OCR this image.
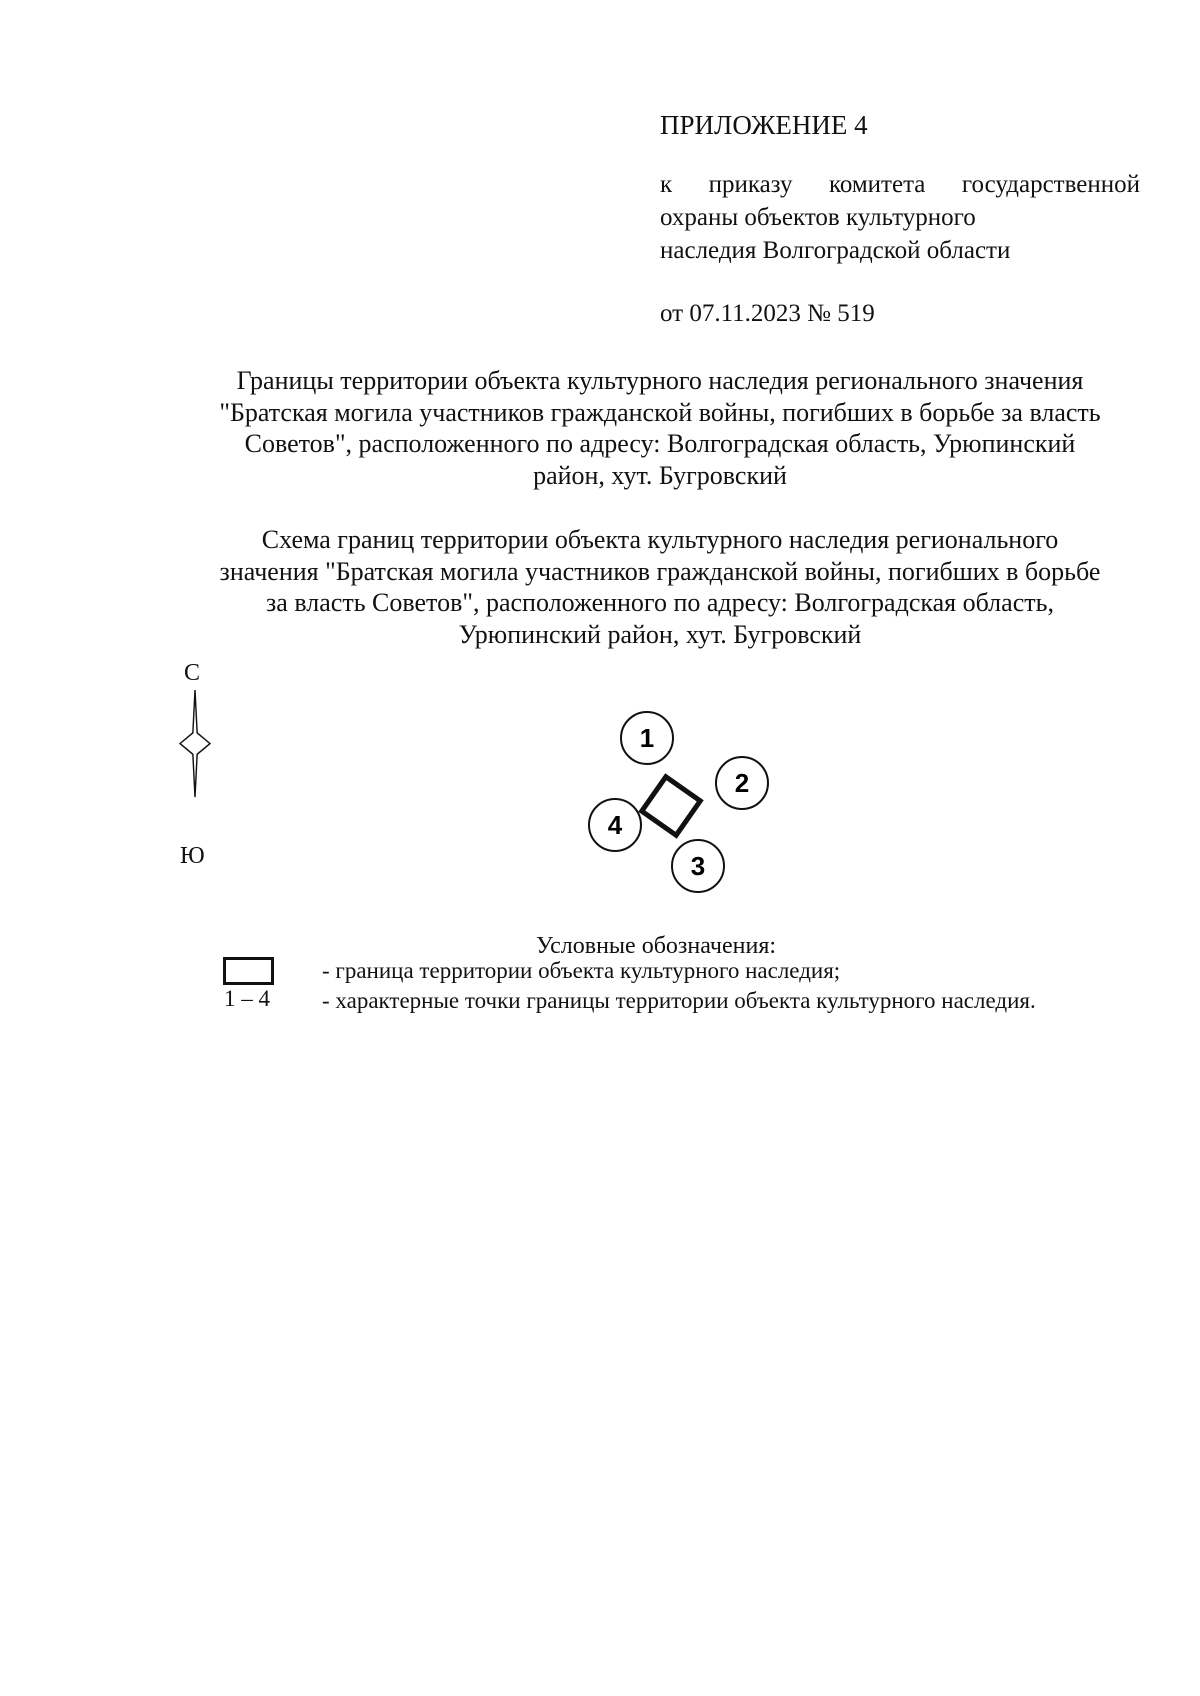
ПРИЛОЖЕНИЕ 4
к приказу комитета государственной
охраны объектов культурного
наследия Волгоградской области
от 07.11.2023 № 519
Границы территории объекта культурного наследия регионального значения
"Братская могила участников гражданской войны, погибших в борьбе за власть
Советов", расположенного по адресу: Волгоградская область, Урюпинский
район, хут. Бугровский
Схема границ территории объекта культурного наследия регионального
значения "Братская могила участников гражданской войны, погибших в борьбе
за власть Советов", расположенного по адресу: Волгоградская область,
Урюпинский район, хут. Бугровский
С
Ю
1
2
3
4
Условные обозначения:
1 – 4
- граница территории объекта культурного наследия;
- характерные точки границы территории объекта культурного наследия.
